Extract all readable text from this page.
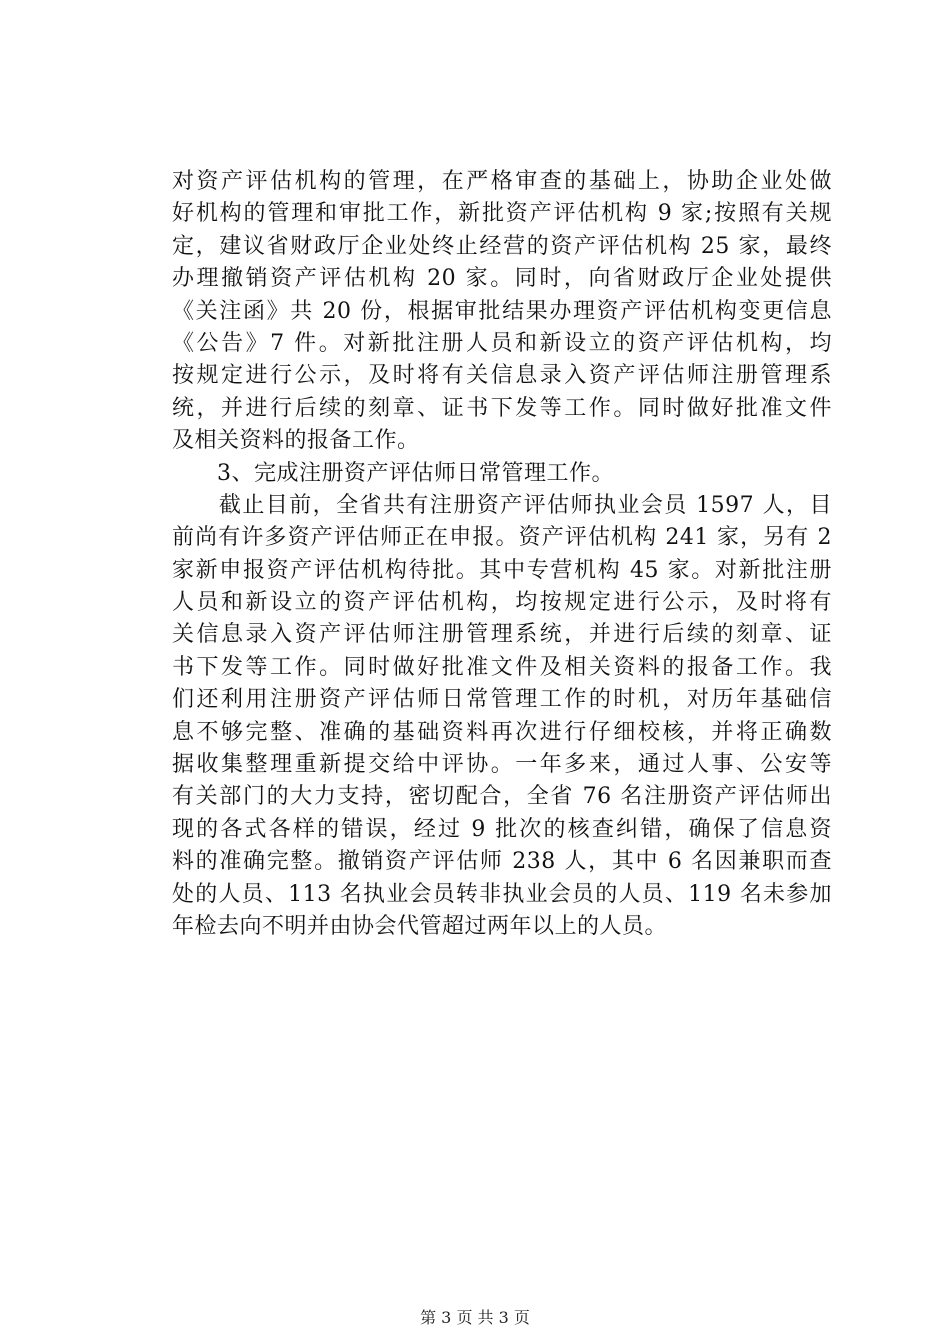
对资产评估机构的管理，在严格审查的基础上，协助企业处做
好机构的管理和审批工作，新批资产评估机构 9 家;按照有关规
定，建议省财政厅企业处终止经营的资产评估机构 25 家，最终
办理撤销资产评估机构 20 家。同时，向省财政厅企业处提供
《关注函》共 20 份，根据审批结果办理资产评估机构变更信息
《公告》7 件。对新批注册人员和新设立的资产评估机构，均
按规定进行公示，及时将有关信息录入资产评估师注册管理系
统，并进行后续的刻章、证书下发等工作。同时做好批准文件
及相关资料的报备工作。
　　3、完成注册资产评估师日常管理工作。
　　截止目前，全省共有注册资产评估师执业会员 1597 人，目
前尚有许多资产评估师正在申报。资产评估机构 241 家，另有 2
家新申报资产评估机构待批。其中专营机构 45 家。对新批注册
人员和新设立的资产评估机构，均按规定进行公示，及时将有
关信息录入资产评估师注册管理系统，并进行后续的刻章、证
书下发等工作。同时做好批准文件及相关资料的报备工作。我
们还利用注册资产评估师日常管理工作的时机，对历年基础信
息不够完整、准确的基础资料再次进行仔细校核，并将正确数
据收集整理重新提交给中评协。一年多来，通过人事、公安等
有关部门的大力支持，密切配合，全省 76 名注册资产评估师出
现的各式各样的错误，经过 9 批次的核查纠错，确保了信息资
料的准确完整。撤销资产评估师 238 人，其中 6 名因兼职而查
处的人员、113 名执业会员转非执业会员的人员、119 名未参加
年检去向不明并由协会代管超过两年以上的人员。
第 3 页 共 3 页
